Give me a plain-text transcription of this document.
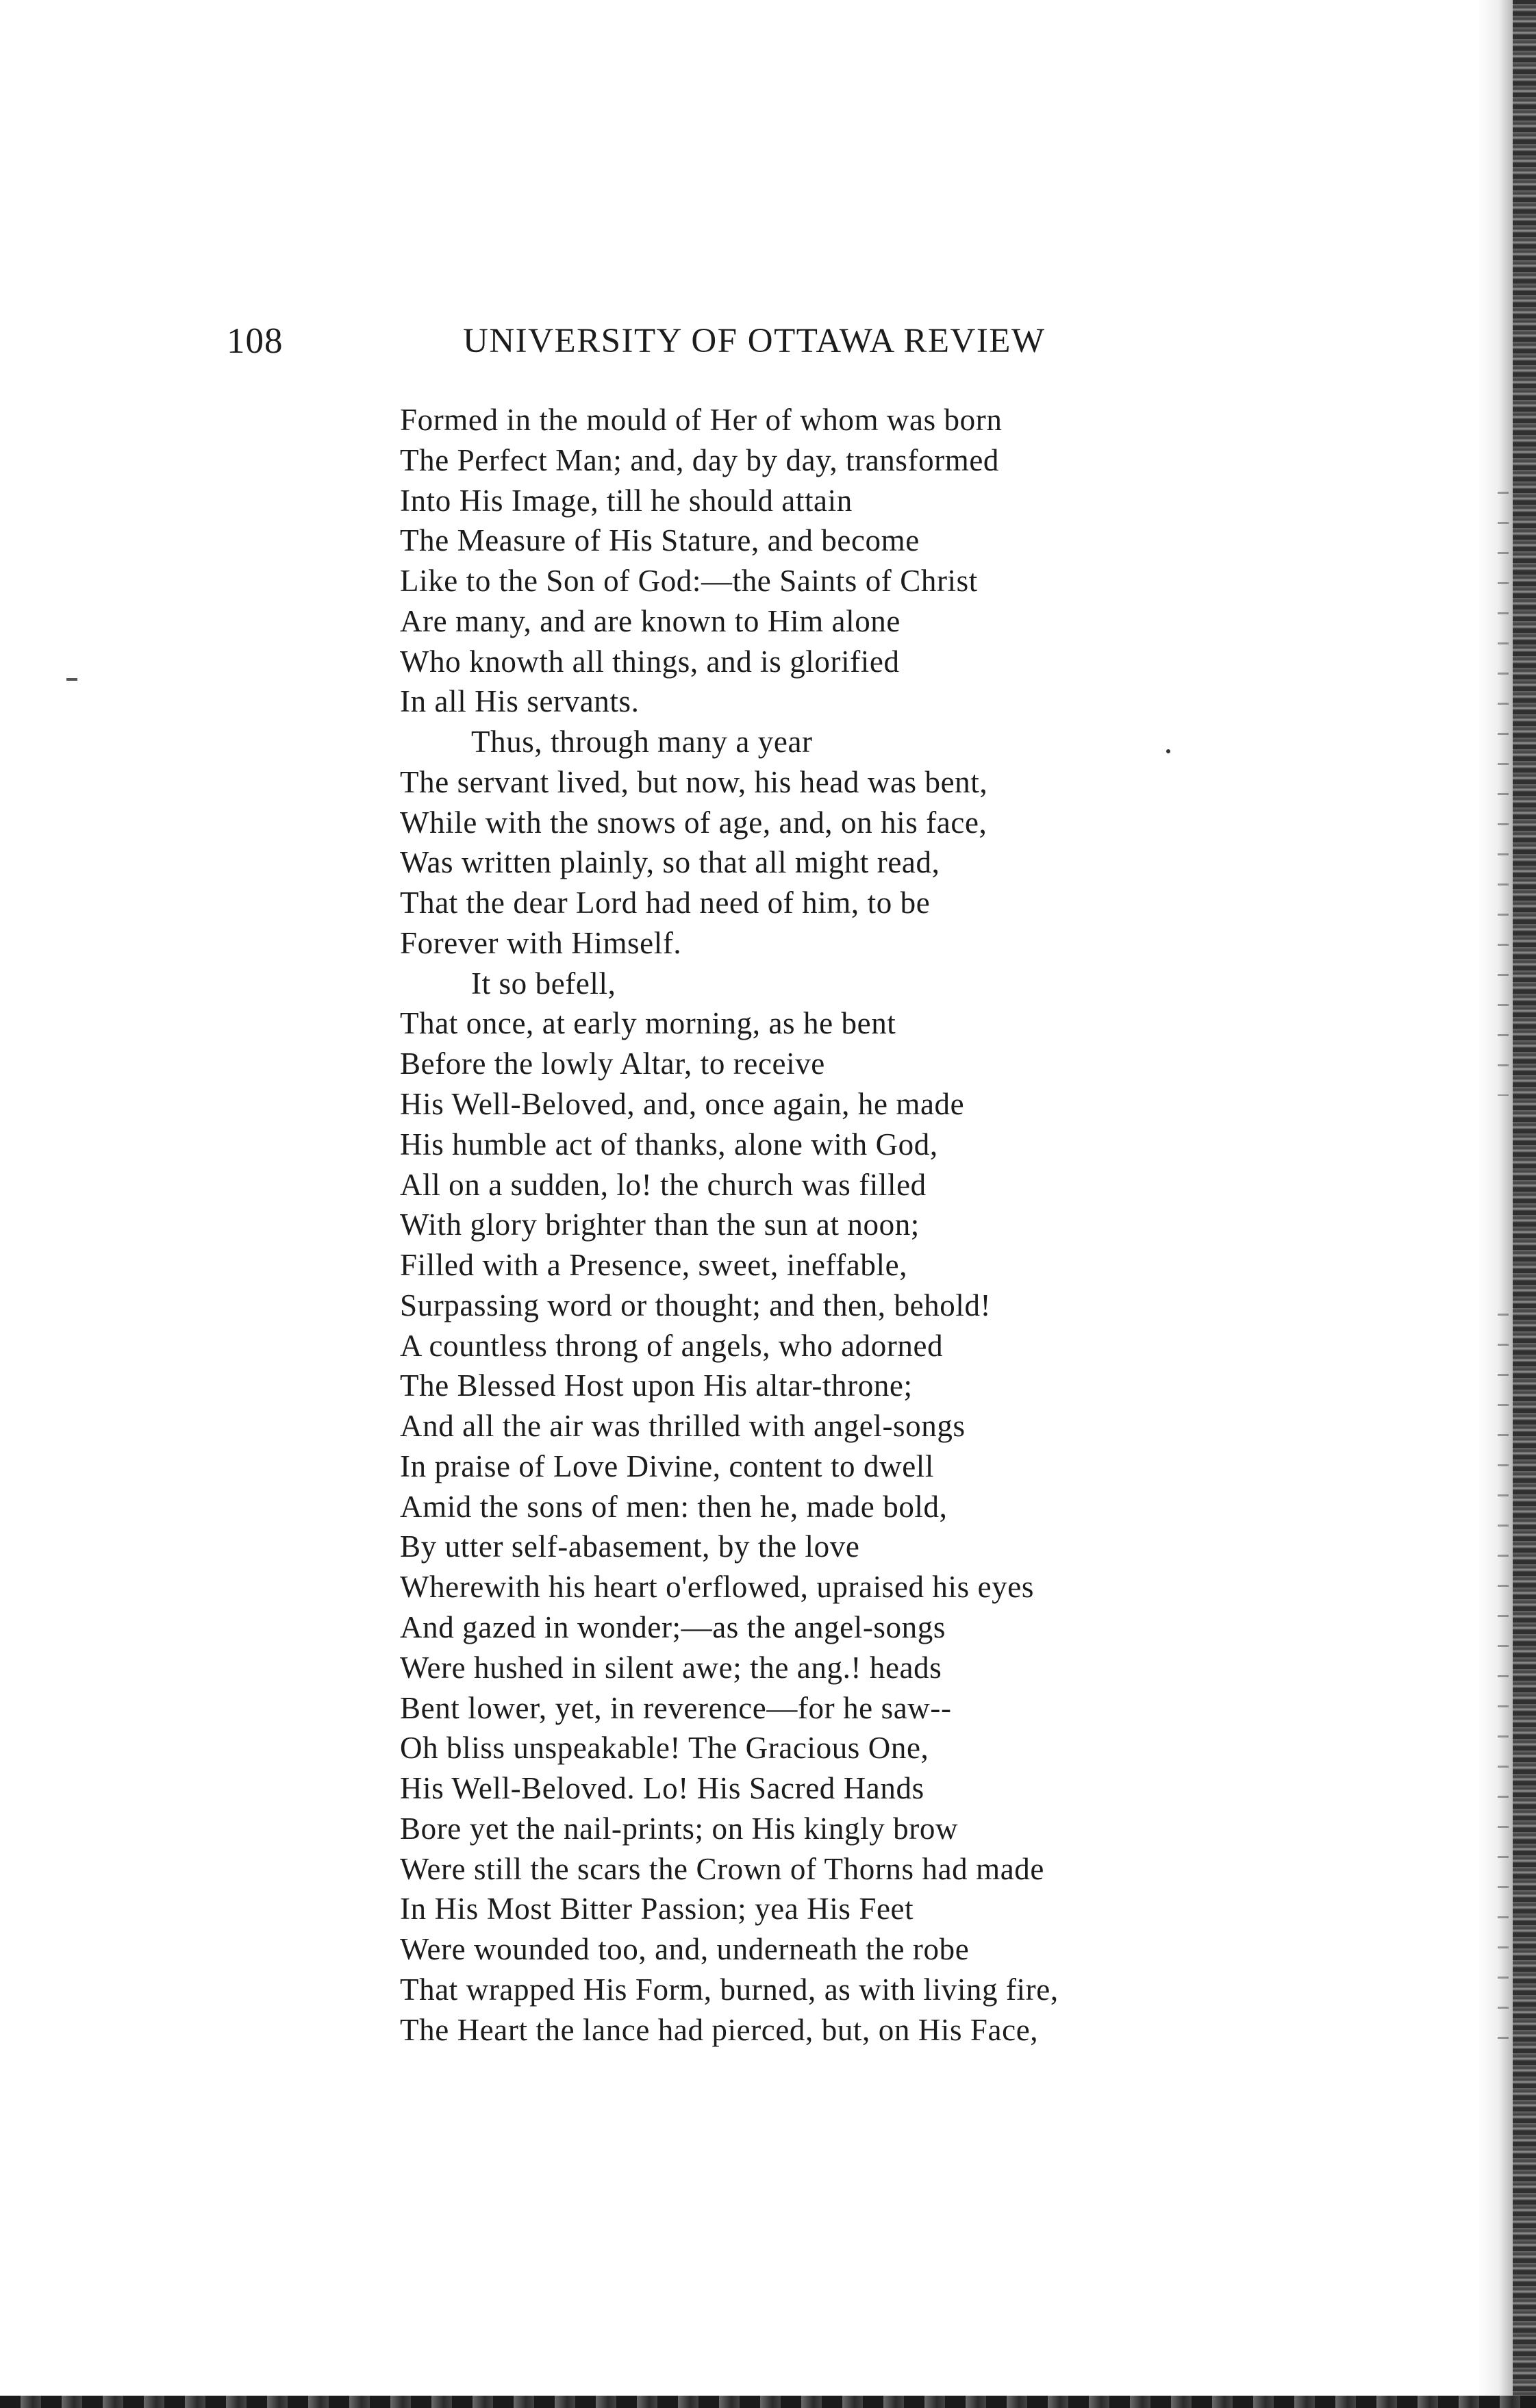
108	UNIVERSITY OF OTTAWA REVIEW
Formed in the mould of Her of whom was born
The Perfect Man; and, day by day, transformed
Into His Image, till he should attain
The Measure of His Stature, and become
Like to the Son of God:—the Saints of Christ
Are many, and are known to Him alone
Who knowth all things, and is glorified
In all His servants.
Thus, through many a year
The servant lived, but now, his head was bent,
While with the snows of age, and, on his face,
Was written plainly, so that all might read,
That the dear Lord had need of him, to be
Forever with Himself.
It so befell,
That once, at early morning, as he bent
Before the lowly Altar, to receive
His Well-Beloved, and, once again, he made
His humble act of thanks, alone with God,
All on a sudden, lo! the church was filled
With glory brighter than the sun at noon;
Filled with a Presence, sweet, ineffable,
Surpassing word or thought; and then, behold!
A countless throng of angels, who adorned
The Blessed Host upon His altar-throne;
And all the air was thrilled with angel-songs
In praise of Love Divine, content to dwell
Amid the sons of men: then he, made bold,
By utter self-abasement, by the love
Wherewith his heart o'erflowed, upraised his eyes
And gazed in wonder;—as the angel-songs
Were hushed in silent awe; the ang.! heads
Bent lower, yet, in reverence—for he saw--
Oh bliss unspeakable! The Gracious One,
His Well-Beloved. Lo! His Sacred Hands
Bore yet the nail-prints; on His kingly brow
Were still the scars the Crown of Thorns had made
In His Most Bitter Passion; yea His Feet
Were wounded too, and, underneath the robe
That wrapped His Form, burned, as with living fire,
The Heart the lance had pierced, but, on His Face,
